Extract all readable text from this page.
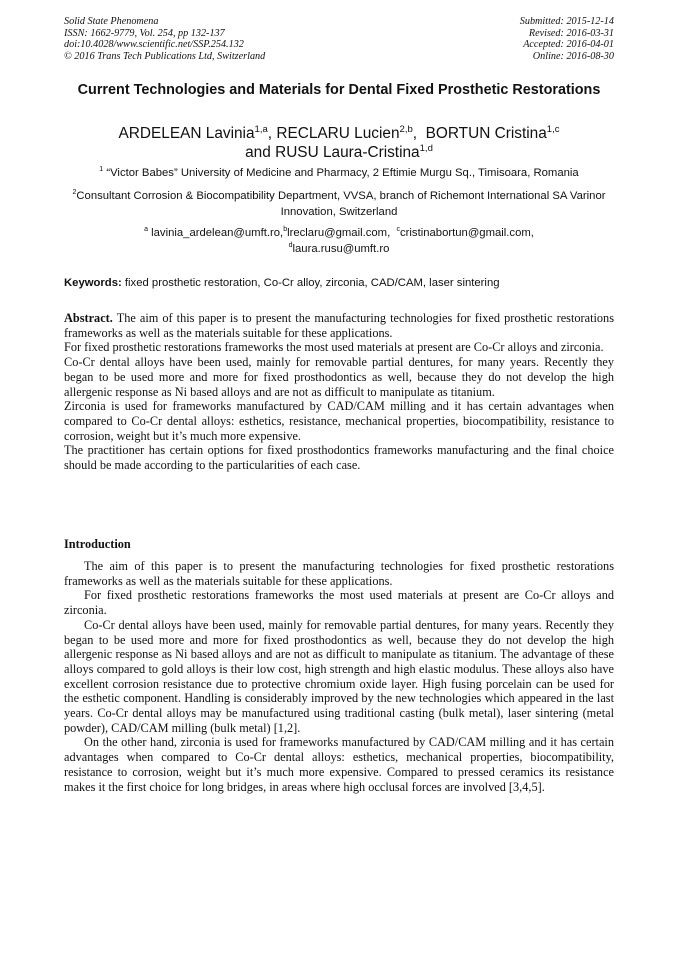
Solid State Phenomena
ISSN: 1662-9779, Vol. 254, pp 132-137
doi:10.4028/www.scientific.net/SSP.254.132
© 2016 Trans Tech Publications Ltd, Switzerland
Submitted: 2015-12-14
Revised: 2016-03-31
Accepted: 2016-04-01
Online: 2016-08-30
Current Technologies and Materials for Dental Fixed Prosthetic Restorations
ARDELEAN Lavinia$^{1,a}$, RECLARU Lucien$^{2,b}$,  BORTUN Cristina$^{1,c}$
and RUSU Laura-Cristina$^{1,d}$
$^1$ “Victor Babes” University of Medicine and Pharmacy, 2 Eftimie Murgu Sq., Timisoara, Romania
$^2$Consultant Corrosion & Biocompatibility Department, VVSA, branch of Richemont International SA Varinor Innovation, Switzerland
$^a$ lavinia_ardelean@umft.ro,$^b$lreclaru@gmail.com, $^c$cristinabortun@gmail.com,
$^d$laura.rusu@umft.ro
Keywords: fixed prosthetic restoration, Co-Cr alloy, zirconia, CAD/CAM, laser sintering

Abstract. The aim of this paper is to present the manufacturing technologies for fixed prosthetic restorations frameworks as well as the materials suitable for these applications.

For fixed prosthetic restorations frameworks the most used materials at present are Co-Cr alloys and zirconia.

Co-Cr dental alloys have been used, mainly for removable partial dentures, for many years. Recently they began to be used more and more for fixed prosthodontics as well, because they do not develop the high allergenic response as Ni based alloys and are not as difficult to manipulate as titanium.

Zirconia is used for frameworks manufactured by CAD/CAM milling and it has certain advantages when compared to Co-Cr dental alloys: esthetics, resistance, mechanical properties, biocompatibility, resistance to corrosion, weight but it’s much more expensive.

The practitioner has certain options for fixed prosthodontics frameworks manufacturing and the final choice should be made according to the particularities of each case.

Introduction

The aim of this paper is to present the manufacturing technologies for fixed prosthetic restorations frameworks as well as the materials suitable for these applications.

For fixed prosthetic restorations frameworks the most used materials at present are Co-Cr alloys and zirconia.

Co-Cr dental alloys have been used, mainly for removable partial dentures, for many years. Recently they began to be used more and more for fixed prosthodontics as well, because they do not develop the high allergenic response as Ni based alloys and are not as difficult to manipulate as titanium. The advantage of these alloys compared to gold alloys is their low cost, high strength and high elastic modulus. These alloys also have excellent corrosion resistance due to protective chromium oxide layer. High fusing porcelain can be used for the esthetic component. Handling is considerably improved by the new technologies which appeared in the last years. Co-Cr dental alloys may be manufactured using traditional casting (bulk metal), laser sintering (metal powder), CAD/CAM milling (bulk metal) [1,2].

On the other hand, zirconia is used for frameworks manufactured by CAD/CAM milling and it has certain advantages when compared to Co-Cr dental alloys: esthetics, mechanical properties, biocompatibility, resistance to corrosion, weight but it’s much more expensive. Compared to pressed ceramics its resistance makes it the first choice for long bridges, in areas where high occlusal forces are involved [3,4,5].
